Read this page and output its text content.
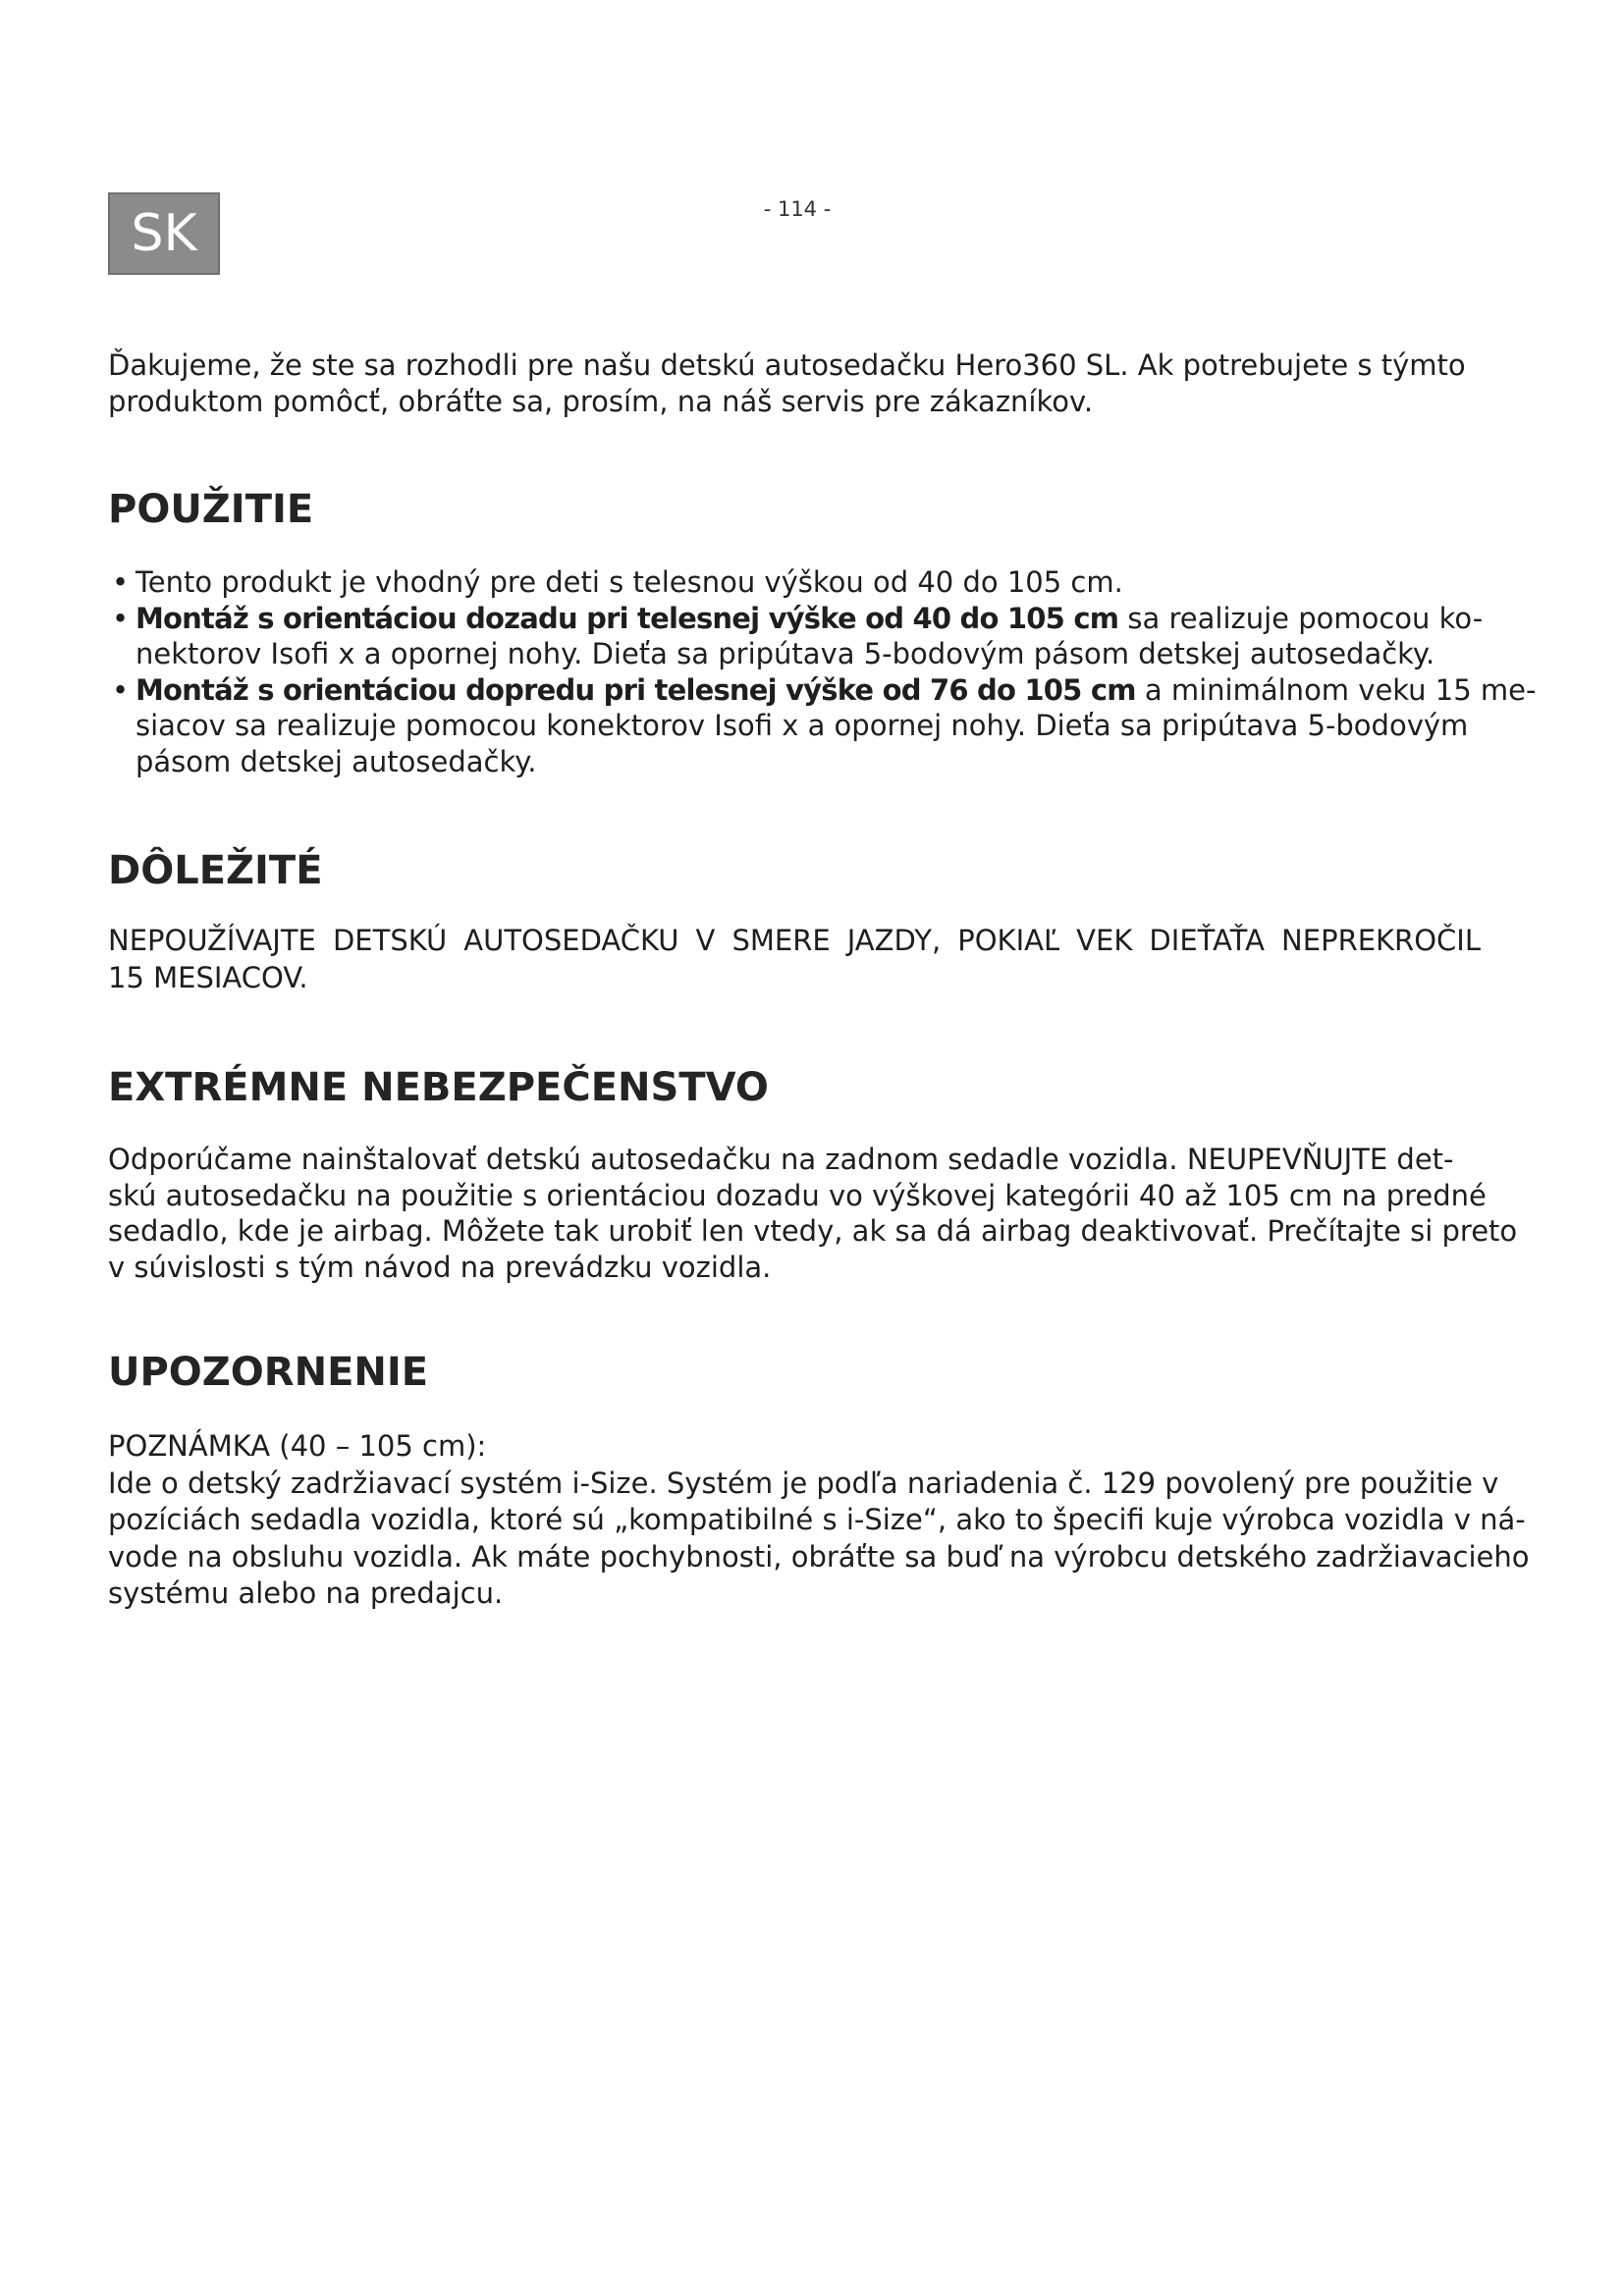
SK	- 114 -
Ďakujeme, že ste sa rozhodli pre našu detskú autosedačku Hero360 SL. Ak potrebujete s týmto
produktom pomôcť, obráťte sa, prosím, na náš servis pre zákazníkov.
POUŽITIE
• Tento produkt je vhodný pre deti s telesnou výškou od 40 do 105 cm.
• Montáž s orientáciou dozadu pri telesnej výške od 40 do 105 cm sa realizuje pomocou ko-
nektorov Isofi x a opornej nohy. Dieťa sa pripútava 5-bodovým pásom detskej autosedačky.
• Montáž s orientáciou dopredu pri telesnej výške od 76 do 105 cm a minimálnom veku 15 me-
siacov sa realizuje pomocou konektorov Isofi x a opornej nohy. Dieťa sa pripútava 5-bodovým
pásom detskej autosedačky.
DÔLEŽITÉ
NEPOUŽÍVAJTE DETSKÚ AUTOSEDAČKU V SMERE JAZDY, POKIAĽ VEK DIEŤAŤA NEPREKROČIL
15 MESIACOV.
EXTRÉMNE NEBEZPEČENSTVO
Odporúčame nainštalovať detskú autosedačku na zadnom sedadle vozidla. NEUPEVŇUJTE det-
skú autosedačku na použitie s orientáciou dozadu vo výškovej kategórii 40 až 105 cm na predné
sedadlo, kde je airbag. Môžete tak urobiť len vtedy, ak sa dá airbag deaktivovať. Prečítajte si preto
v súvislosti s tým návod na prevádzku vozidla.
UPOZORNENIE
POZNÁMKA (40 – 105 cm):
Ide o detský zadržiavací systém i-Size. Systém je podľa nariadenia č. 129 povolený pre použitie v
pozíciách sedadla vozidla, ktoré sú „kompatibilné s i-Size“, ako to špecifi kuje výrobca vozidla v ná-
vode na obsluhu vozidla. Ak máte pochybnosti, obráťte sa buď na výrobcu detského zadržiavacieho
systému alebo na predajcu.
